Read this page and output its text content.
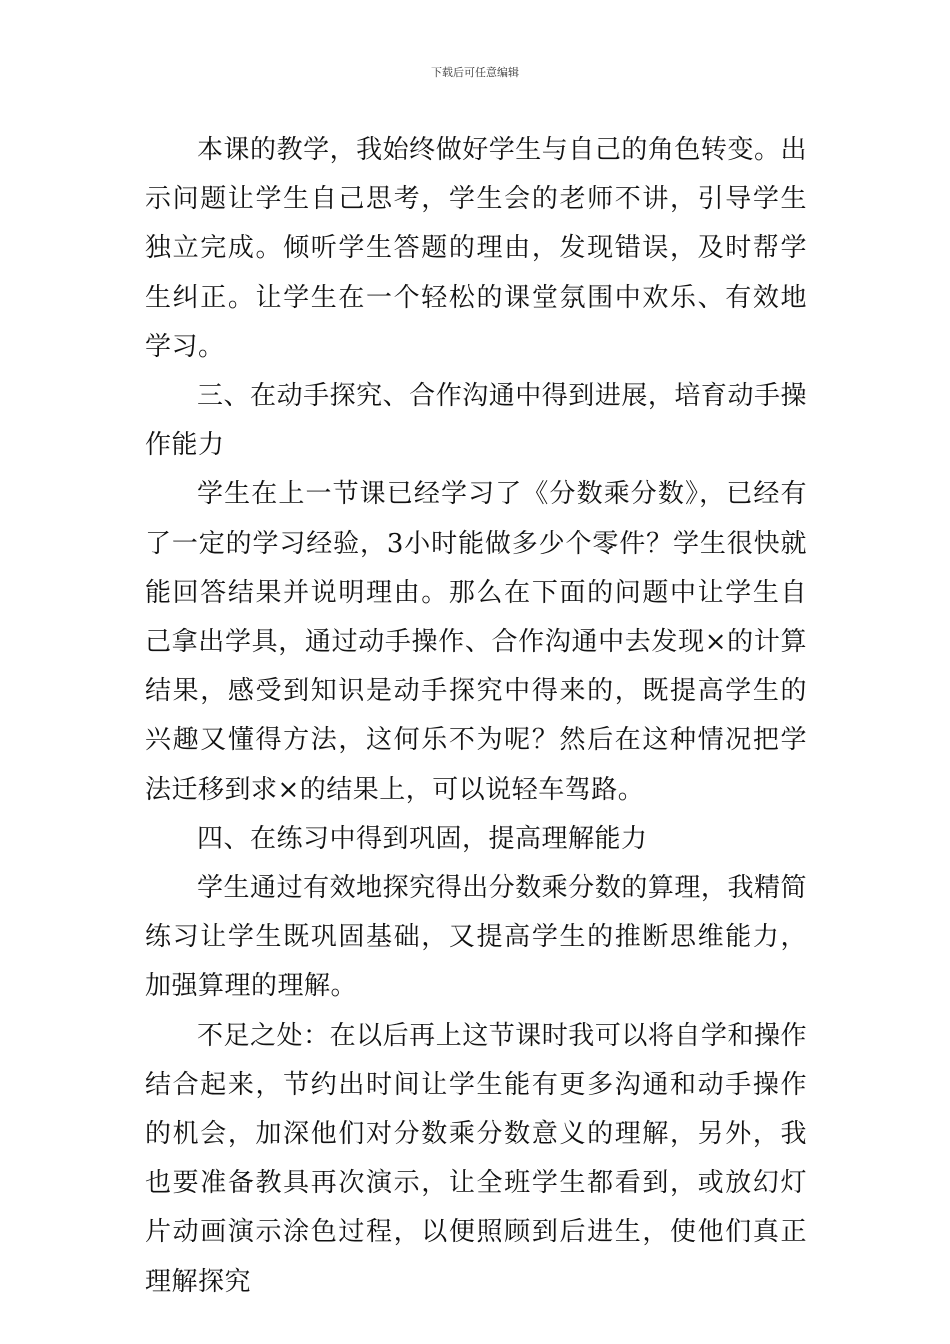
下载后可任意编辑

本课的教学，我始终做好学生与自己的角色转变。出示问题让学生自己思考，学生会的老师不讲，引导学生独立完成。倾听学生答题的理由，发现错误，及时帮学生纠正。让学生在一个轻松的课堂氛围中欢乐、有效地学习。

三、在动手探究、合作沟通中得到进展，培育动手操作能力

学生在上一节课已经学习了《分数乘分数》，已经有了一定的学习经验，3小时能做多少个零件？学生很快就能回答结果并说明理由。那么在下面的问题中让学生自己拿出学具，通过动手操作、合作沟通中去发现×的计算结果，感受到知识是动手探究中得来的，既提高学生的兴趣又懂得方法，这何乐不为呢？然后在这种情况把学法迁移到求×的结果上，可以说轻车驾路。

四、在练习中得到巩固，提高理解能力

学生通过有效地探究得出分数乘分数的算理，我精简练习让学生既巩固基础，又提高学生的推断思维能力，加强算理的理解。

不足之处：在以后再上这节课时我可以将自学和操作结合起来，节约出时间让学生能有更多沟通和动手操作的机会，加深他们对分数乘分数意义的理解，另外，我也要准备教具再次演示，让全班学生都看到，或放幻灯片动画演示涂色过程，以便照顾到后进生，使他们真正理解探究
